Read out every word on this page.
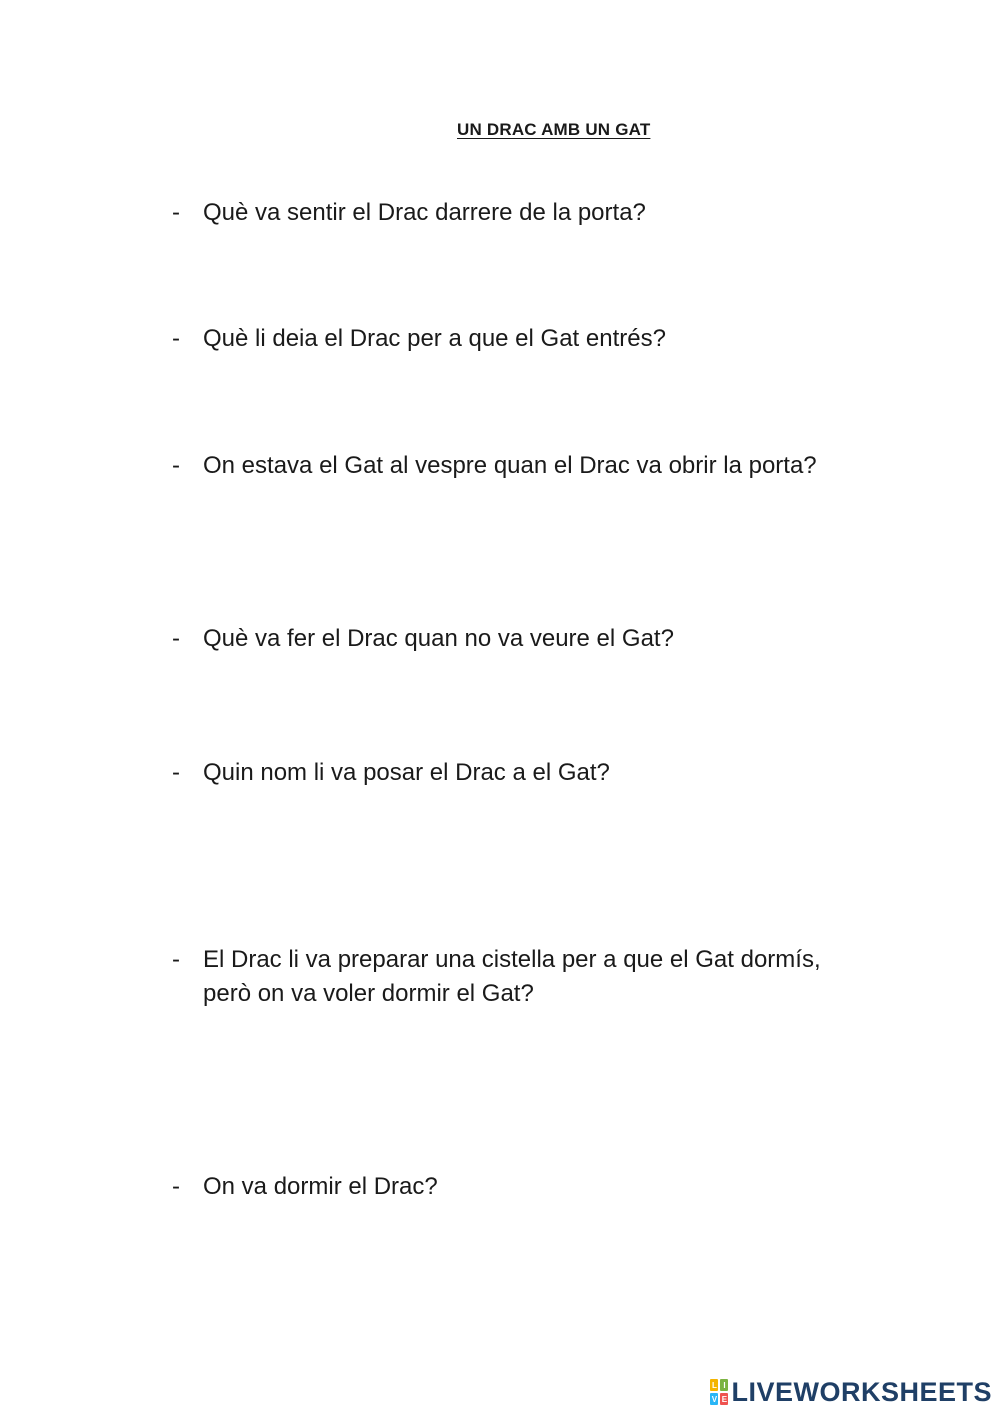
UN DRAC AMB UN GAT
- Què va sentir el Drac darrere de la porta?
- Què li deia el Drac per a que el Gat entrés?
- On estava el Gat al vespre quan el Drac va obrir la porta?
- Què va fer el Drac quan no va veure el Gat?
- Quin nom li va posar el Drac a el Gat?
- El Drac li va preparar una cistella per a que el Gat dormís, però on va voler dormir el Gat?
- On va dormir el Drac?
L I
V E LIVEWORKSHEETS
